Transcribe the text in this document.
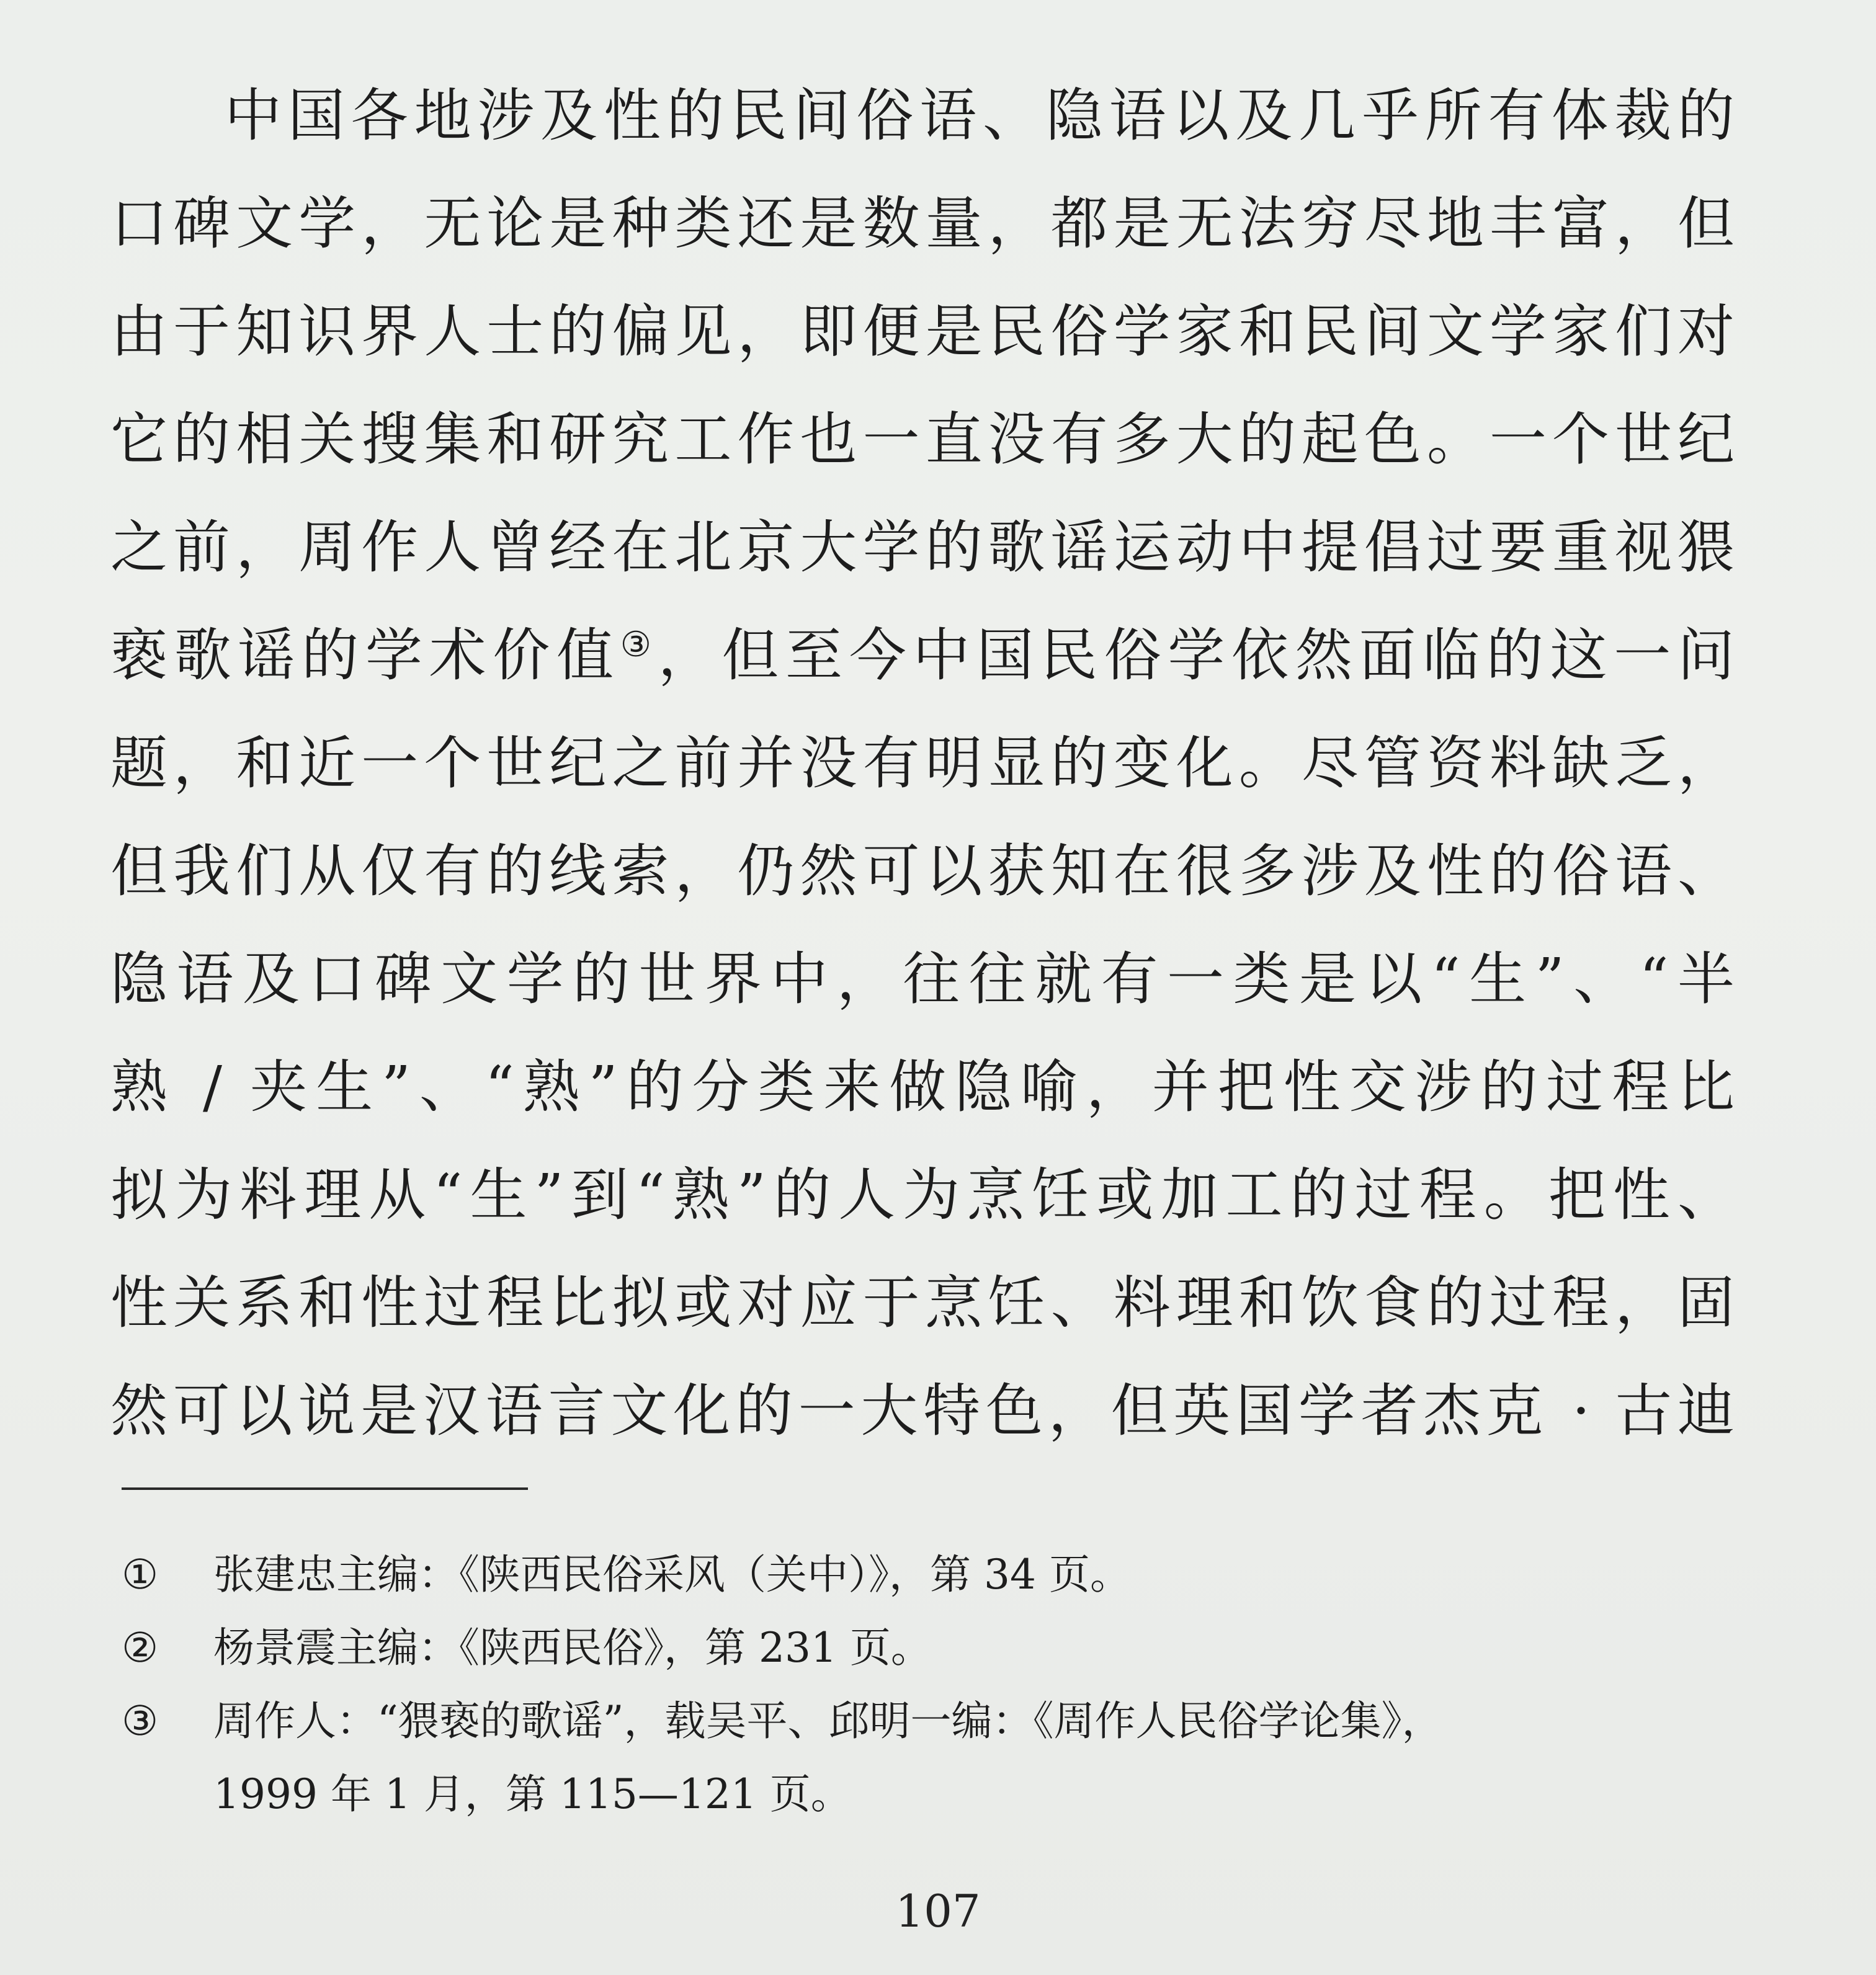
中国各地涉及性的民间俗语、隐语以及几乎所有体裁的
口碑文学，无论是种类还是数量，都是无法穷尽地丰富，但
由于知识界人士的偏见，即便是民俗学家和民间文学家们对
它的相关搜集和研究工作也一直没有多大的起色。一个世纪
之前，周作人曾经在北京大学的歌谣运动中提倡过要重视猥
亵歌谣的学术价值③，但至今中国民俗学依然面临的这一问
题，和近一个世纪之前并没有明显的变化。尽管资料缺乏，
但我们从仅有的线索，仍然可以获知在很多涉及性的俗语、
隐语及口碑文学的世界中，往往就有一类是以“生”、“半
熟 / 夹生”、“熟”的分类来做隐喻，并把性交涉的过程比
拟为料理从“生”到“熟”的人为烹饪或加工的过程。把性、
性关系和性过程比拟或对应于烹饪、料理和饮食的过程，固
然可以说是汉语言文化的一大特色，但英国学者杰克 · 古迪
① 张建忠主编：《陕西民俗采风（关中）》，第 34 页。
② 杨景震主编：《陕西民俗》，第 231 页。
③ 周作人：“猥亵的歌谣”，载吴平、邱明一编：《周作人民俗学论集》，
1999 年 1 月，第 115—121 页。
107
